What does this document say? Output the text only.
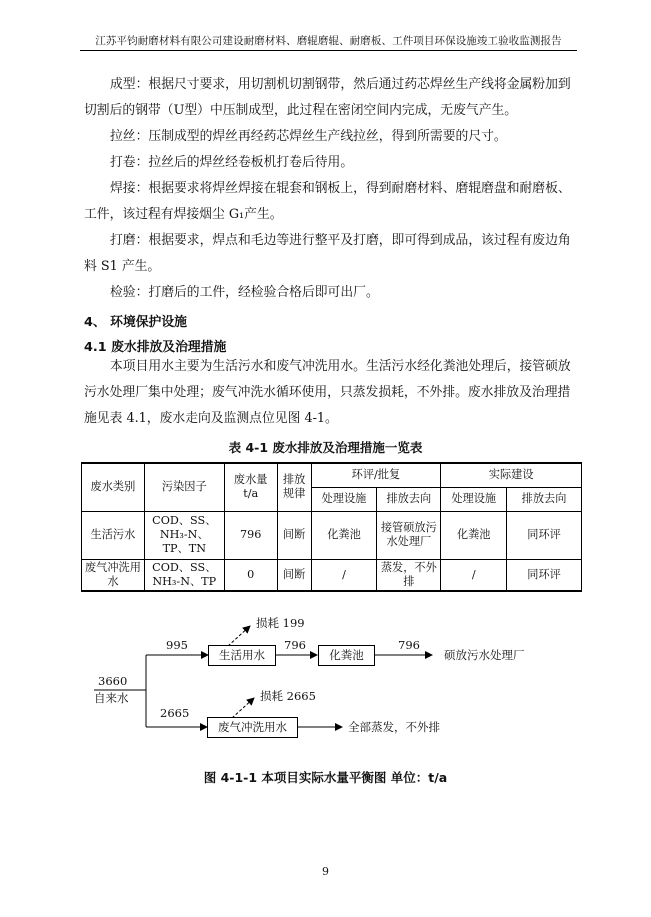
江苏平钧耐磨材料有限公司建设耐磨材料、磨辊磨辊、耐磨板、工件项目环保设施竣工验收监测报告

成型：根据尺寸要求，用切割机切割钢带，然后通过药芯焊丝生产线将金属粉加到切割后的钢带（U型）中压制成型，此过程在密闭空间内完成，无废气产生。

拉丝：压制成型的焊丝再经药芯焊丝生产线拉丝，得到所需要的尺寸。

打卷：拉丝后的焊丝经卷板机打卷后待用。

焊接：根据要求将焊丝焊接在辊套和钢板上，得到耐磨材料、磨辊磨盘和耐磨板、工件，该过程有焊接烟尘 G₁产生。

打磨：根据要求，焊点和毛边等进行整平及打磨，即可得到成品，该过程有废边角料 S1 产生。

检验：打磨后的工件，经检验合格后即可出厂。

4、 环境保护设施

4.1 废水排放及治理措施

本项目用水主要为生活污水和废气冲洗用水。生活污水经化粪池处理后，接管硕放污水处理厂集中处理；废气冲洗水循环使用，只蒸发损耗，不外排。废水排放及治理措施见表 4.1，废水走向及监测点位见图 4-1。

表 4-1 废水排放及治理措施一览表
废水类别	污染因子	废水量 t/a	排放规律	环评/批复		实际建设	
				处理设施	排放去向	处理设施	排放去向
生活污水	COD、SS、NH₃-N、TP、TN	796	间断	化粪池	接管硕放污水处理厂	化粪池	同环评
废气冲洗用水	COD、SS、NH₃-N、TP	0	间断	/	蒸发，不外排	/	同环评
生活用水	化粪池
废气冲洗用水
3660
自来水
995
2665
损耗 199
损耗 2665
796	796
硕放污水处理厂
全部蒸发，不外排
图 4-1-1 本项目实际水量平衡图 单位：t/a
9
